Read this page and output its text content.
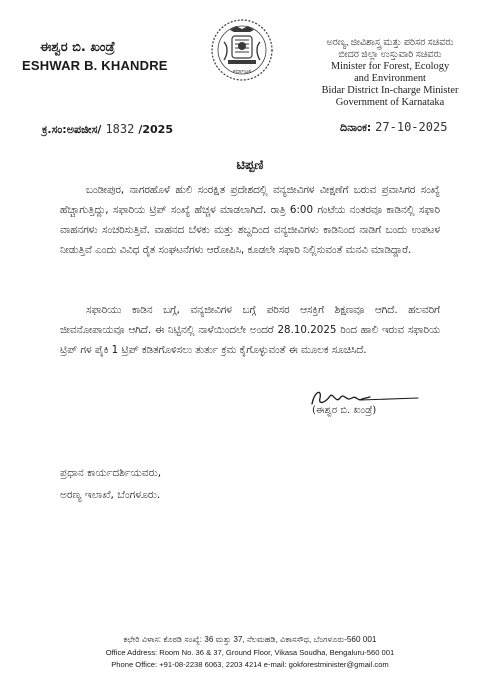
ಈಶ್ವರ ಬಿ. ಖಂಡ್ರೆ
ESHWAR B. KHANDRE	ಕರ್ನಾಟಕ
ಅರಣ್ಯ, ಜೀವಿಶಾಸ್ತ್ರ ಮತ್ತು ಪರಿಸರ ಸಚಿವರು
ಬೀದರ ಜಿಲ್ಲಾ ಉಸ್ತುವಾರಿ ಸಚಿವರು
Minister for Forest, Ecology
and Environment
Bidar District In-charge Minister
Government of Karnataka
ಕ್ರ.ಸಂ:ಅಪಜೀಸ/ 1832 /2025	ದಿನಾಂಕ: 27-10-2025
ಟಿಪ್ಪಣಿ
ಬಂಡೀಪುರ, ನಾಗರಹೊಳೆ ಹುಲಿ ಸಂರಕ್ಷಿತ ಪ್ರದೇಶದಲ್ಲಿ ವನ್ಯಜೀವಿಗಳ ವೀಕ್ಷಣೆಗೆ ಬರುವ ಪ್ರವಾಸಿಗರ ಸಂಖ್ಯೆ ಹೆಚ್ಚಾಗುತ್ತಿದ್ದು, ಸಫಾರಿಯ ಟ್ರಿಪ್ ಸಂಖ್ಯೆ ಹೆಚ್ಚಳ ಮಾಡಲಾಗಿದೆ. ರಾತ್ರಿ 6:00 ಗಂಟೆಯ ನಂತರವೂ ಕಾಡಿನಲ್ಲಿ ಸಫಾರಿ ವಾಹನಗಳು ಸಂಚರಿಸುತ್ತಿವೆ. ವಾಹನದ ಬೆಳಕು ಮತ್ತು ಶಬ್ದದಿಂದ ವನ್ಯಜೀವಿಗಳು ಕಾಡಿನಿಂದ ನಾಡಿಗೆ ಬಂದು ಉಪಟಳ ನೀಡುತ್ತಿವೆ ಎಂದು ವಿವಿಧ ರೈತ ಸಂಘಟನೆಗಳು ಆರೋಪಿಸಿ, ಕೂಡಲೇ ಸಫಾರಿ ನಿಲ್ಲಿಸುವಂತೆ ಮನವಿ ಮಾಡಿದ್ದಾರೆ.
ಸಫಾರಿಯು ಕಾಡಿನ ಬಗ್ಗೆ, ವನ್ಯಜೀವಿಗಳ ಬಗ್ಗೆ ಪರಿಸರ ಆಸಕ್ತಿಗೆ ಶಿಕ್ಷಣವೂ ಆಗಿದೆ. ಹಲವರಿಗೆ ಜೀವನೋಪಾಯವೂ ಆಗಿದೆ. ಈ ನಿಟ್ಟಿನಲ್ಲಿ ನಾಳೆಯಿಂದಲೇ ಅಂದರೆ 28.10.2025 ರಿಂದ ಹಾಲಿ ಇರುವ ಸಫಾರಿಯ ಟ್ರಿಪ್ ಗಳ ಪೈಕಿ 1 ಟ್ರಿಪ್ ಕಡಿತಗೊಳಿಸಲು ತುರ್ತು ಕ್ರಮ ಕೈಗೊಳ್ಳುವಂತೆ ಈ ಮೂಲಕ ಸೂಚಿಸಿದೆ.
(ಈಶ್ವರ ಬಿ. ಖಂಡ್ರೆ)
ಪ್ರಧಾನ ಕಾರ್ಯದರ್ಶಿಯವರು,
ಅರಣ್ಯ ಇಲಾಖೆ, ಬೆಂಗಳೂರು.
ಕಛೇರಿ ವಿಳಾಸ: ಕೊಠಡಿ ಸಂಖ್ಯೆ: 36 ಮತ್ತು 37, ನೆಲಮಹಡಿ, ವಿಕಾಸಸೌಧ, ಬೆಂಗಳೂರು-560 001
Office Address: Room No. 36 & 37, Ground Floor, Vikasa Soudha, Bengaluru-560 001
Phone Office: +91-08-2238 6063, 2203 4214 e-mail: gokforestminister@gmail.com
